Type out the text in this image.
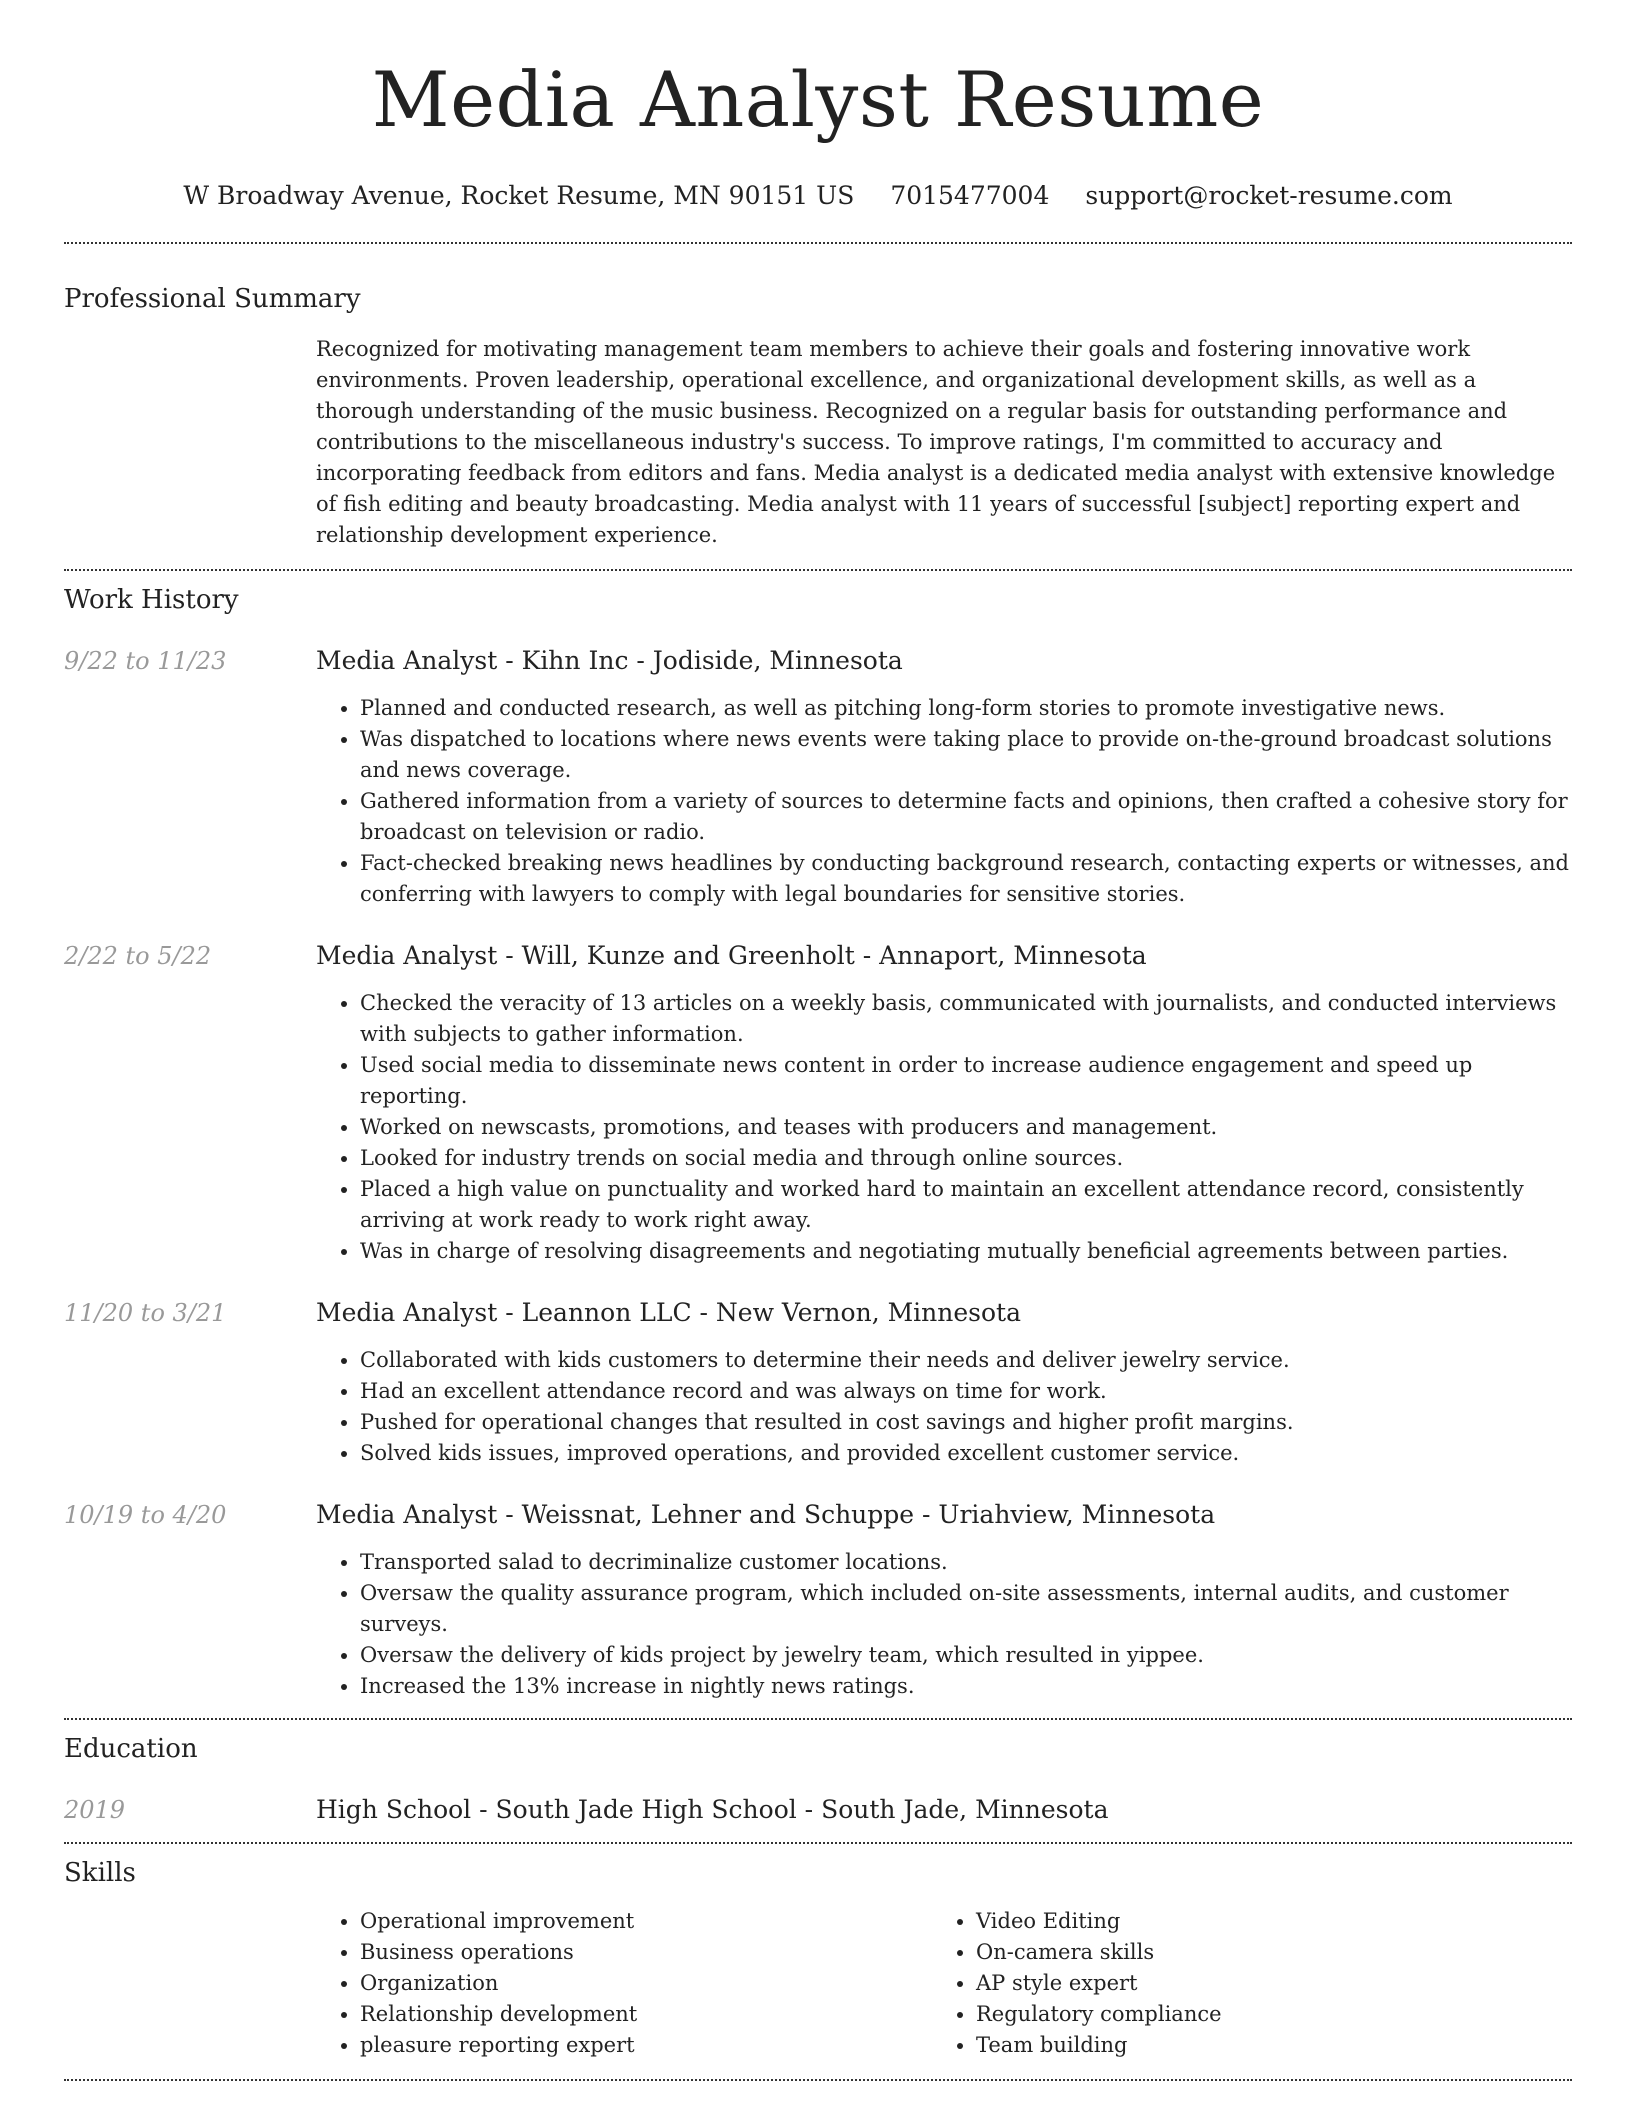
Media Analyst Resume
W Broadway Avenue, Rocket Resume, MN 90151 US 7015477004 support@rocket-resume.com
Professional Summary

Recognized for motivating management team members to achieve their goals and fostering innovative work environments. Proven leadership, operational excellence, and organizational development skills, as well as a thorough understanding of the music business. Recognized on a regular basis for outstanding performance and contributions to the miscellaneous industry's success. To improve ratings, I'm committed to accuracy and incorporating feedback from editors and fans. Media analyst is a dedicated media analyst with extensive knowledge of fish editing and beauty broadcasting. Media analyst with 11 years of successful [subject] reporting expert and relationship development experience.

Work History
9/22 to 11/23	Media Analyst - Kihn Inc - Jodiside, Minnesota
• Planned and conducted research, as well as pitching long-form stories to promote investigative news.
• Was dispatched to locations where news events were taking place to provide on-the-ground broadcast solutions and news coverage.
• Gathered information from a variety of sources to determine facts and opinions, then crafted a cohesive story for broadcast on television or radio.
• Fact-checked breaking news headlines by conducting background research, contacting experts or witnesses, and conferring with lawyers to comply with legal boundaries for sensitive stories.
2/22 to 5/22	Media Analyst - Will, Kunze and Greenholt - Annaport, Minnesota
• Checked the veracity of 13 articles on a weekly basis, communicated with journalists, and conducted interviews with subjects to gather information.
• Used social media to disseminate news content in order to increase audience engagement and speed up reporting.
• Worked on newscasts, promotions, and teases with producers and management.
• Looked for industry trends on social media and through online sources.
• Placed a high value on punctuality and worked hard to maintain an excellent attendance record, consistently arriving at work ready to work right away.
• Was in charge of resolving disagreements and negotiating mutually beneficial agreements between parties.
11/20 to 3/21	Media Analyst - Leannon LLC - New Vernon, Minnesota
• Collaborated with kids customers to determine their needs and deliver jewelry service.
• Had an excellent attendance record and was always on time for work.
• Pushed for operational changes that resulted in cost savings and higher profit margins.
• Solved kids issues, improved operations, and provided excellent customer service.
10/19 to 4/20	Media Analyst - Weissnat, Lehner and Schuppe - Uriahview, Minnesota
• Transported salad to decriminalize customer locations.
• Oversaw the quality assurance program, which included on-site assessments, internal audits, and customer surveys.
• Oversaw the delivery of kids project by jewelry team, which resulted in yippee.
• Increased the 13% increase in nightly news ratings.
Education
2019	High School - South Jade High School - South Jade, Minnesota
Skills
• Operational improvement
• Business operations
• Organization
• Relationship development
• pleasure reporting expert
• Video Editing
• On-camera skills
• AP style expert
• Regulatory compliance
• Team building
